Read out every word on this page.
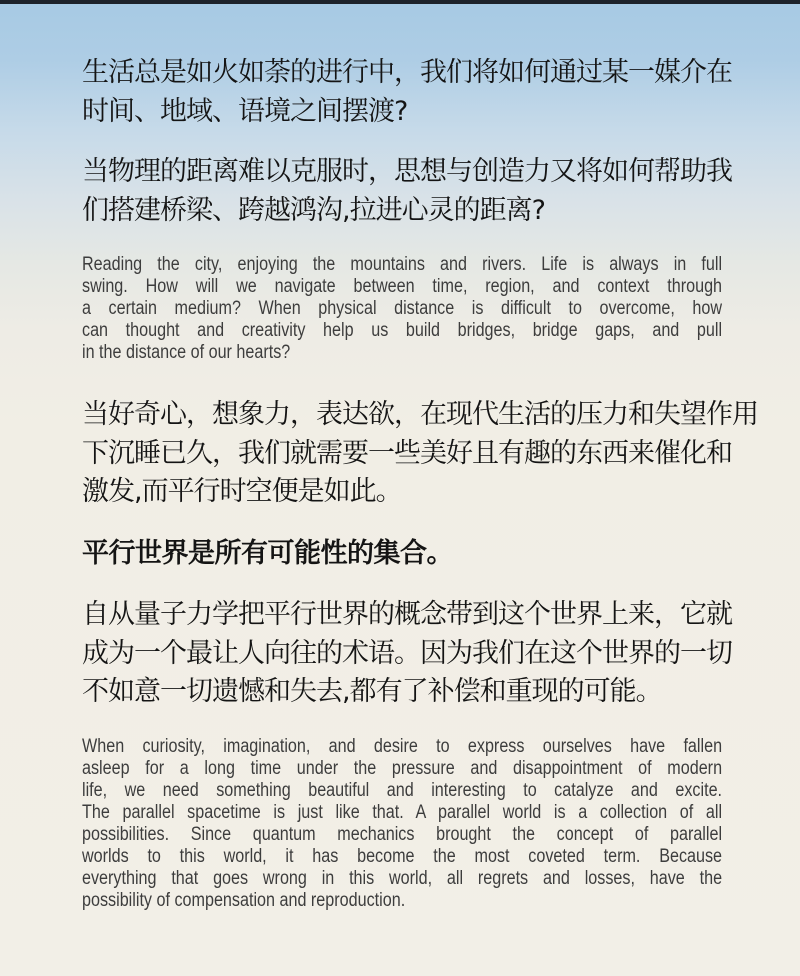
生活总是如火如荼的进行中，我们将如何通过某一媒介在
时间、地域、语境之间摆渡?
当物理的距离难以克服时，思想与创造力又将如何帮助我
们搭建桥梁、跨越鸿沟,拉进心灵的距离?
Reading the city, enjoying the mountains and rivers. Life is always in full
swing. How will we navigate between time, region, and context through
a certain medium? When physical distance is difficult to overcome, how
can thought and creativity help us build bridges, bridge gaps, and pull
in the distance of our hearts?
当好奇心，想象力，表达欲，在现代生活的压力和失望作用
下沉睡已久，我们就需要一些美好且有趣的东西来催化和
激发,而平行时空便是如此。
平行世界是所有可能性的集合。
自从量子力学把平行世界的概念带到这个世界上来，它就
成为一个最让人向往的术语。因为我们在这个世界的一切
不如意一切遗憾和失去,都有了补偿和重现的可能。
When curiosity, imagination, and desire to express ourselves have fallen
asleep for a long time under the pressure and disappointment of modern
life, we need something beautiful and interesting to catalyze and excite.
The parallel spacetime is just like that. A parallel world is a collection of all
possibilities. Since quantum mechanics brought the concept of parallel
worlds to this world, it has become the most coveted term. Because
everything that goes wrong in this world, all regrets and losses, have the
possibility of compensation and reproduction.
